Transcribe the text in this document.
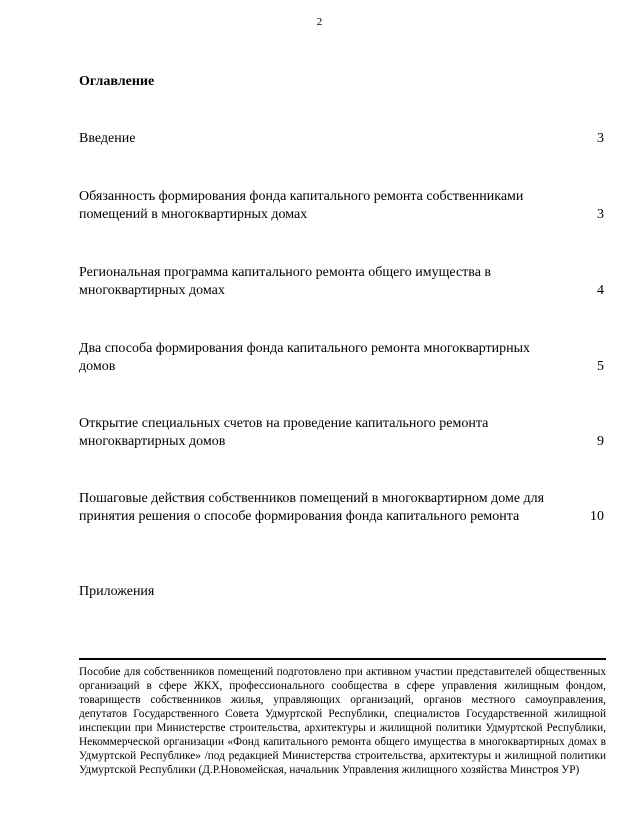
2
Оглавление
Введение	3
Обязанность формирования фонда капитального ремонта собственниками помещений в многоквартирных домах	3
Региональная программа капитального ремонта общего имущества в многоквартирных домах	4
Два способа формирования фонда капитального ремонта многоквартирных домов	5
Открытие специальных счетов на проведение капитального ремонта многоквартирных домов	9
Пошаговые действия собственников помещений в многоквартирном доме для принятия решения о способе формирования фонда капитального ремонта	10
Приложения
Пособие для собственников помещений подготовлено при активном участии представителей общественных организаций в сфере ЖКХ, профессионального сообщества в сфере управления жилищным фондом, товариществ собственников жилья, управляющих организаций, органов местного самоуправления, депутатов Государственного Совета Удмуртской Республики, специалистов Государственной жилищной инспекции при Министерстве строительства, архитектуры и жилищной политики Удмуртской Республики, Некоммерческой организации «Фонд капитального ремонта общего имущества в многоквартирных домах в Удмуртской Республике» /под редакцией Министерства строительства, архитектуры и жилищной политики Удмуртской Республики (Д.Р.Новомейская, начальник Управления жилищного хозяйства Минстроя УР)
